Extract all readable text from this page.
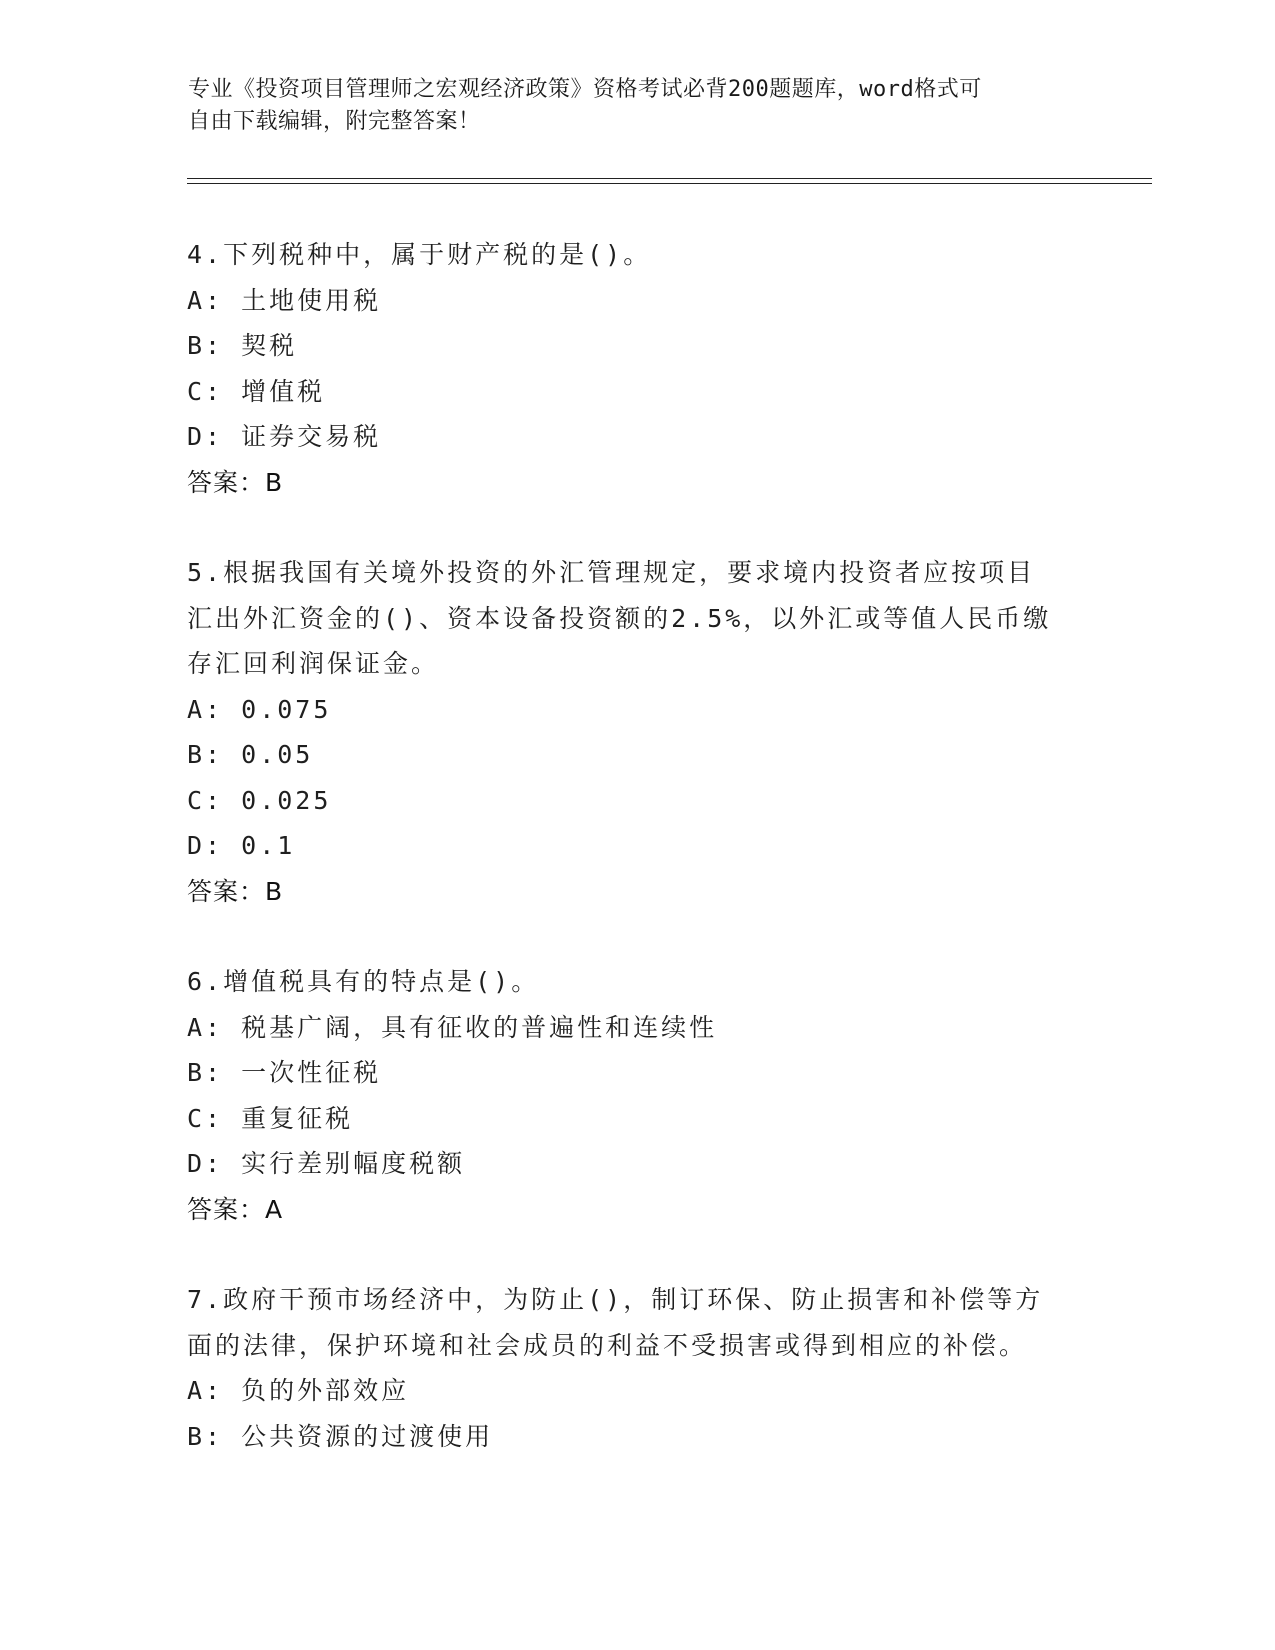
专业《投资项目管理师之宏观经济政策》资格考试必背200题题库，word格式可
自由下载编辑，附完整答案！
4.下列税种中，属于财产税的是()。
A: 土地使用税
B: 契税
C: 增值税
D: 证券交易税
答案：B
5.根据我国有关境外投资的外汇管理规定，要求境内投资者应按项目
汇出外汇资金的()、资本设备投资额的2.5%，以外汇或等值人民币缴
存汇回利润保证金。
A: 0.075
B: 0.05
C: 0.025
D: 0.1
答案：B
6.增值税具有的特点是()。
A: 税基广阔，具有征收的普遍性和连续性
B: 一次性征税
C: 重复征税
D: 实行差别幅度税额
答案：A
7.政府干预市场经济中，为防止()，制订环保、防止损害和补偿等方
面的法律，保护环境和社会成员的利益不受损害或得到相应的补偿。
A: 负的外部效应
B: 公共资源的过渡使用
